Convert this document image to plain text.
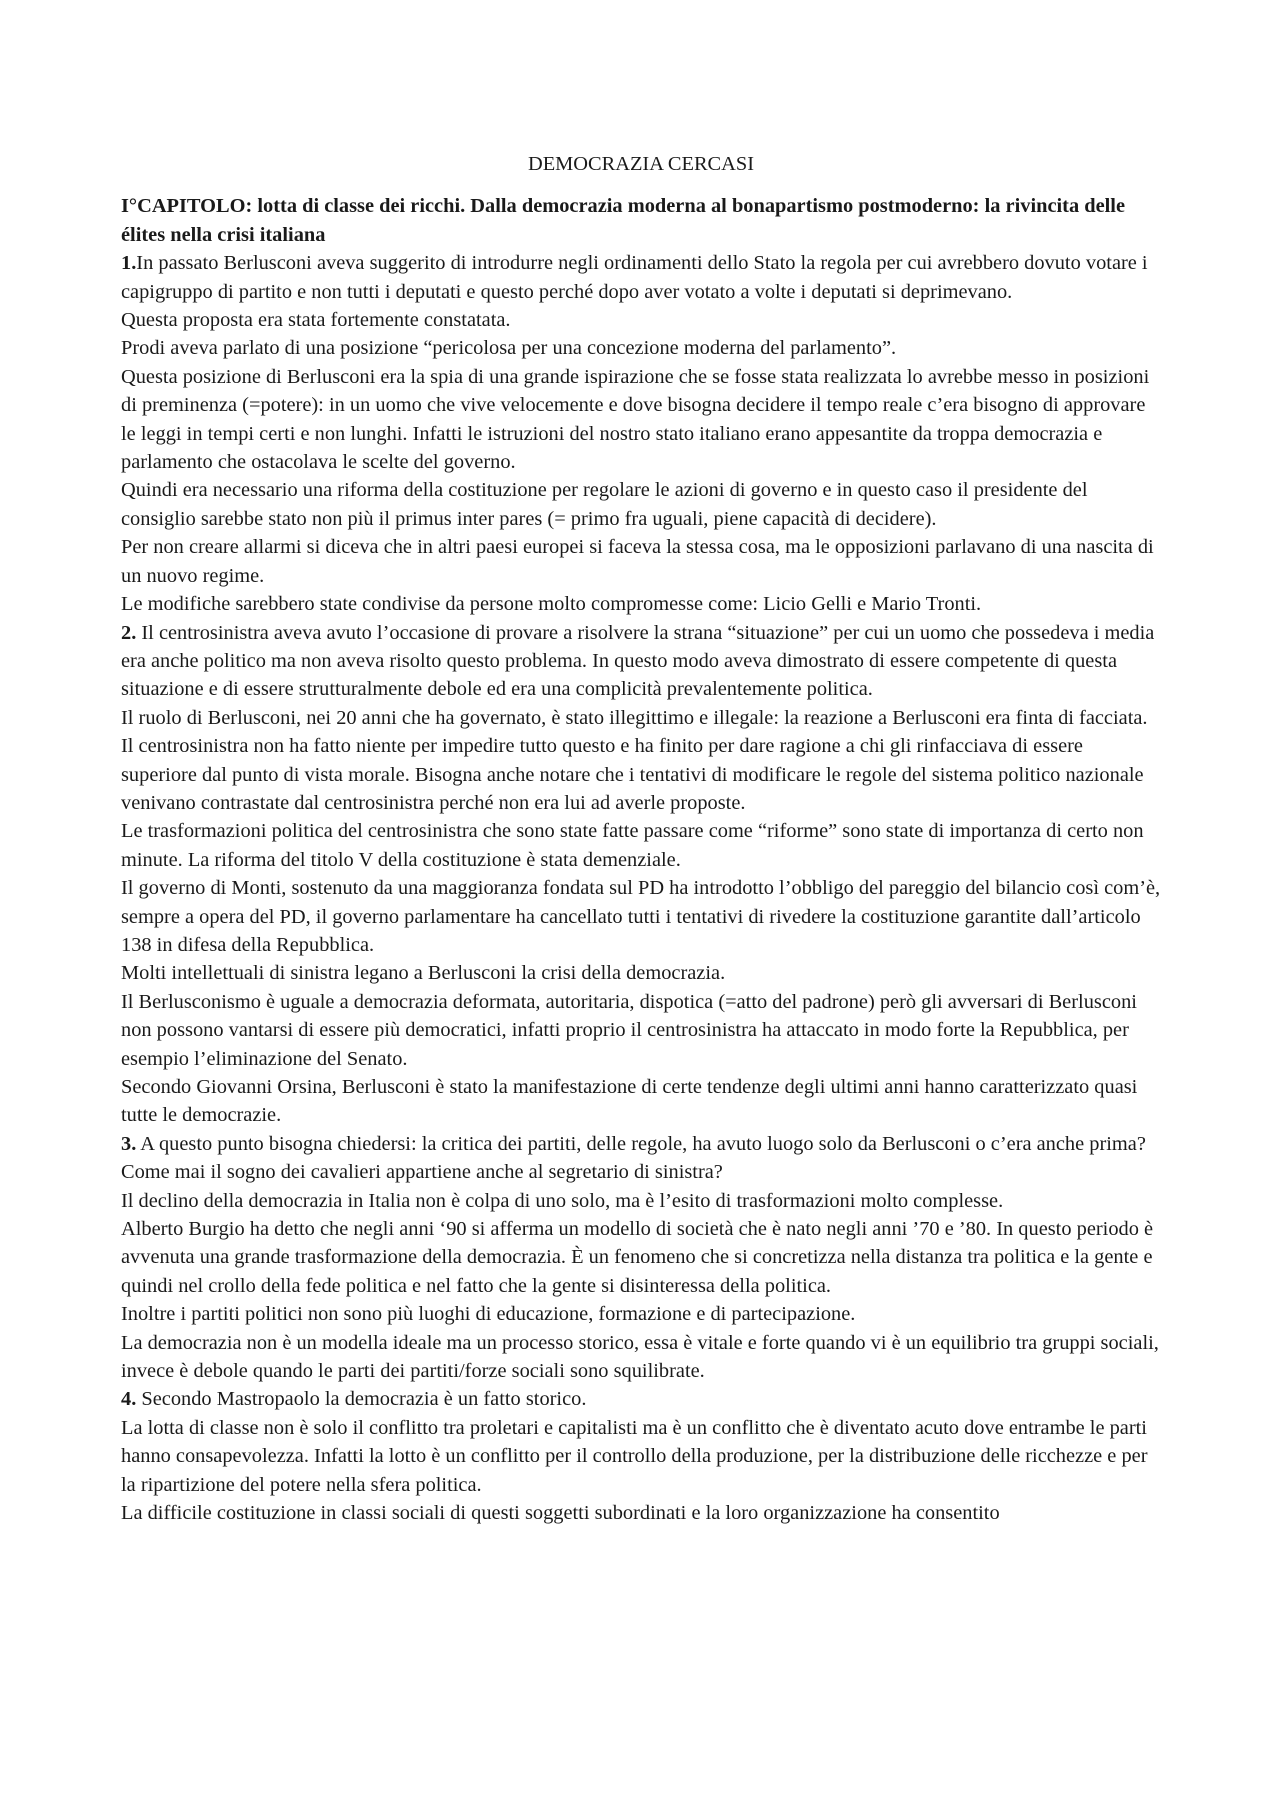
DEMOCRAZIA CERCASI

I°CAPITOLO: lotta di classe dei ricchi. Dalla democrazia moderna al bonapartismo postmoderno: la rivincita delle élites nella crisi italiana

1.In passato Berlusconi aveva suggerito di introdurre negli ordinamenti dello Stato la regola per cui avrebbero dovuto votare i capigruppo di partito e non tutti i deputati e questo perché dopo aver votato a volte i deputati si deprimevano.

Questa proposta era stata fortemente constatata.

Prodi aveva parlato di una posizione “pericolosa per una concezione moderna del parlamento”.

Questa posizione di Berlusconi era la spia di una grande ispirazione che se fosse stata realizzata lo avrebbe messo in posizioni di preminenza (=potere): in un uomo che vive velocemente e dove bisogna decidere il tempo reale c’era bisogno di approvare le leggi in tempi certi e non lunghi. Infatti le istruzioni del nostro stato italiano erano appesantite da troppa democrazia e parlamento che ostacolava le scelte del governo.

Quindi era necessario una riforma della costituzione per regolare le azioni di governo e in questo caso il presidente del consiglio sarebbe stato non più il primus inter pares (= primo fra uguali, piene capacità di decidere).

Per non creare allarmi si diceva che in altri paesi europei si faceva la stessa cosa, ma le opposizioni parlavano di una nascita di un nuovo regime.

Le modifiche sarebbero state condivise da persone molto compromesse come: Licio Gelli e Mario Tronti.

2. Il centrosinistra aveva avuto l’occasione di provare a risolvere la strana “situazione” per cui un uomo che possedeva i media era anche politico ma non aveva risolto questo problema. In questo modo aveva dimostrato di essere competente di questa situazione e di essere strutturalmente debole ed era una complicità prevalentemente politica.

Il ruolo di Berlusconi, nei 20 anni che ha governato, è stato illegittimo e illegale: la reazione a Berlusconi era finta di facciata.

Il centrosinistra non ha fatto niente per impedire tutto questo e ha finito per dare ragione a chi gli rinfacciava di essere superiore dal punto di vista morale. Bisogna anche notare che i tentativi di modificare le regole del sistema politico nazionale venivano contrastate dal centrosinistra perché non era lui ad averle proposte.

Le trasformazioni politica del centrosinistra che sono state fatte passare come “riforme” sono state di importanza di certo non minute. La riforma del titolo V della costituzione è stata demenziale.

Il governo di Monti, sostenuto da una maggioranza fondata sul PD ha introdotto l’obbligo del pareggio del bilancio così com’è, sempre a opera del PD, il governo parlamentare ha cancellato tutti i tentativi di rivedere la costituzione garantite dall’articolo 138 in difesa della Repubblica.

Molti intellettuali di sinistra legano a Berlusconi la crisi della democrazia.

Il Berlusconismo è uguale a democrazia deformata, autoritaria, dispotica (=atto del padrone) però gli avversari di Berlusconi non possono vantarsi di essere più democratici, infatti proprio il centrosinistra ha attaccato in modo forte la Repubblica, per esempio l’eliminazione del Senato.

Secondo Giovanni Orsina, Berlusconi è stato la manifestazione di certe tendenze degli ultimi anni hanno caratterizzato quasi tutte le democrazie.

3. A questo punto bisogna chiedersi: la critica dei partiti, delle regole, ha avuto luogo solo da Berlusconi o c’era anche prima? Come mai il sogno dei cavalieri appartiene anche al segretario di sinistra?

Il declino della democrazia in Italia non è colpa di uno solo, ma è l’esito di trasformazioni molto complesse.

Alberto Burgio ha detto che negli anni ‘90 si afferma un modello di società che è nato negli anni ’70 e ’80. In questo periodo è avvenuta una grande trasformazione della democrazia. È un fenomeno che si concretizza nella distanza tra politica e la gente e quindi nel crollo della fede politica e nel fatto che la gente si disinteressa della politica.

Inoltre i partiti politici non sono più luoghi di educazione, formazione e di partecipazione.

La democrazia non è un modella ideale ma un processo storico, essa è vitale e forte quando vi è un equilibrio tra gruppi sociali, invece è debole quando le parti dei partiti/forze sociali sono squilibrate.

4. Secondo Mastropaolo la democrazia è un fatto storico.

La lotta di classe non è solo il conflitto tra proletari e capitalisti ma è un conflitto che è diventato acuto dove entrambe le parti hanno consapevolezza. Infatti la lotto è un conflitto per il controllo della produzione, per la distribuzione delle ricchezze e per la ripartizione del potere nella sfera politica.

La difficile costituzione in classi sociali di questi soggetti subordinati e la loro organizzazione ha consentito
